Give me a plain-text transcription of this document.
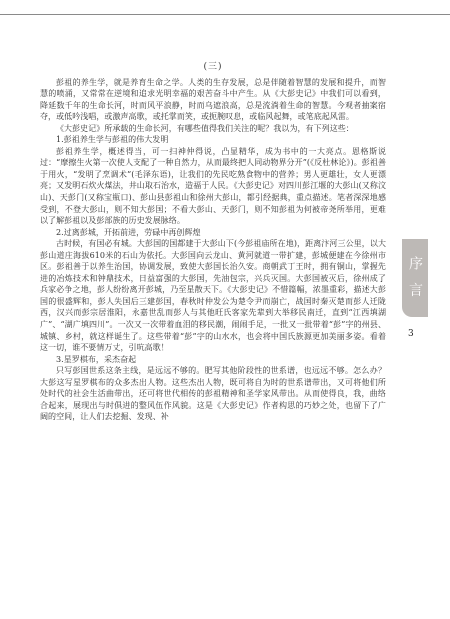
序 言
3

(三)

彭祖的养生学，就是养育生命之学。人类的生存发展，总是伴随着智慧的发展和提升，而智慧的喷涌，又常常在逆境和追求光明幸福的艰苦奋斗中产生。从《大彭史记》中我们可以看到，降延数千年的生命长河，时而风平浪静，时而乌遮浪高，总是流淌着生命的智慧。今观者抽案宿夺，或低吟浅唱，或激声高歌，或托掌而笑，或扼腕叹息，或临风起舞，或笔底起风雷。

《大彭史记》所承载的生命长河，有哪些值得我们关注的呢？我以为，有下列这些：

1.彭祖养生学与彭祖的伟大发明

彭祖养生学，概述得当，可一扫神仲得说，凸显精华，成为书中的一大亮点。恩格斯说过：“摩擦生火第一次使人支配了一种自然力，从而最终把人同动物界分开”(《反杜林论》)。彭祖善于用火，“发明了烹调术”(毛泽东语)，让我们的先民吃熟食物中的营养；男人更雄壮，女人更漂亮；又发明石炊火煤法，井山取石治水，造福于人民。《大彭史记》对四川彭江堰的大彭山(又称汶山)、天彭门(又称宝瓶口)、彭山县彭祖山和徐州大彭山，都引经据典，重点描述。笔者深深地感受到，不登大彭山，则不知大彭国；不看大彭山、天彭门，则不知彭祖为何被帝尧所举用，更难以了解彭祖以及彭部族的历史发展脉络。

2.过离彭城，开拓前进，劳碌中再创辉煌

古时候，有国必有城。大彭国的国都建于大彭山下(今彭祖庙所在地)，距离汴河三公里，以大彭山道庄海拔610米的石山为依托。大彭国向云龙山、黄河就道一带扩建，彭城便建在今徐州市区。彭祖善于以养生治国，协调发展，致使大彭国长治久安。商朝武丁王时，拥有铜山，掌握先进的冶炼技术和钟鼎技术，日益富强的大彭国，先油包宗，兴兵灭国。大彭国被灭后，徐州成了兵家必争之地，彭人纷纷离开彭城，乃至星散天下。《大彭史记》不惜篇幅，浓墨重彩，描述大彭国的很盛辉和，彭人失国后三建彭国，春秋时仲发公为楚令尹而崩亡，战国时秦灭楚而彭人迁陇西，汉兴而彭宗居淮阳，永嘉世乱而彭人与其他旺氏客家先辈到大举移民南迁，直到“江西填湖广”、“湖广填四川”。一次又一次带着血泪的移民潮，闹闹手足，一批又一批带着“彭”字的州县、城镇、乡村，就这样诞生了。这些带着“彭”字的山水水，也会将中国氏族源更加美丽多姿。看着这一切，谁不要情万丈，引吭高歌！

3.星罗棋布，采杰奋起

只写彭国世系这条主线，是远远不够的。肥写其他阶段性的世系谱，也远远不够。怎么办？大彭这写星罗棋布的众多杰出人物。这些杰出人物，既可将自为时的世系谱带出，又可将他们所处时代的社会生活曲带出，还可将世代相传的彭祖精神和圣学家风带出。从而使得良，我，曲络合起来，展现出与时俱进的整风伍作风貌。这是《大彭史记》作者构思的巧妙之处，也留下了广阔的空间，让人们去挖掘、发现、补
